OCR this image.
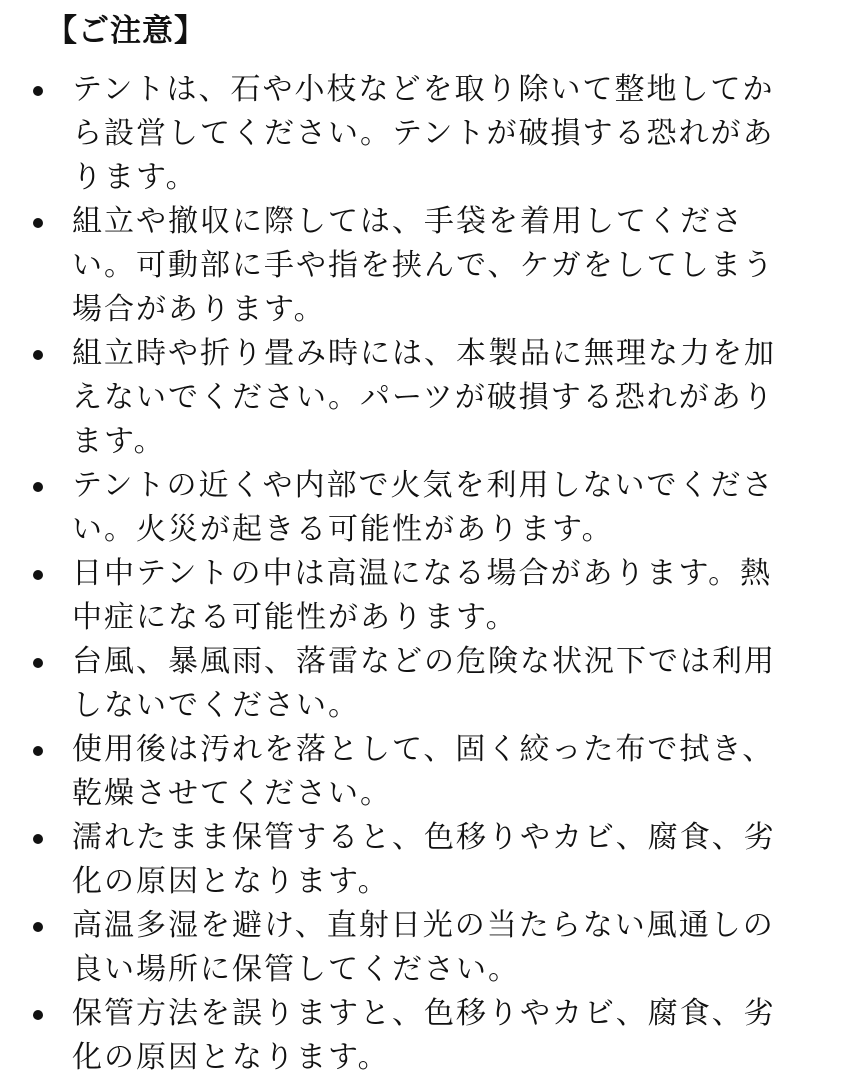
【ご注意】
テントは、石や小枝などを取り除いて整地してか
ら設営してください。テントが破損する恐れがあ
ります。
組立や撤収に際しては、手袋を着用してくださ
い。可動部に手や指を挟んで、ケガをしてしまう
場合があります。
組立時や折り畳み時には、本製品に無理な力を加
えないでください。パーツが破損する恐れがあり
ます。
テントの近くや内部で火気を利用しないでくださ
い。火災が起きる可能性があります。
日中テントの中は高温になる場合があります。熱
中症になる可能性があります。
台風、暴風雨、落雷などの危険な状況下では利用
しないでください。
使用後は汚れを落として、固く絞った布で拭き、
乾燥させてください。
濡れたまま保管すると、色移りやカビ、腐食、劣
化の原因となります。
高温多湿を避け、直射日光の当たらない風通しの
良い場所に保管してください。
保管方法を誤りますと、色移りやカビ、腐食、劣
化の原因となります。
